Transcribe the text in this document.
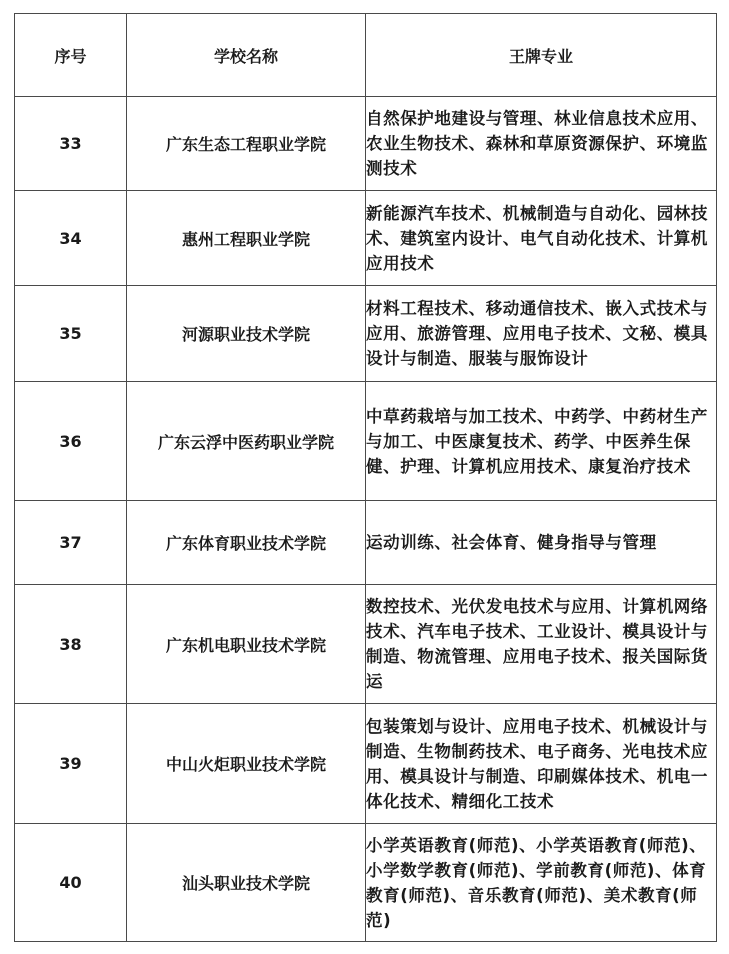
序号	学校名称	王牌专业
33	广东生态工程职业学院	自然保护地建设与管理、林业信息技术应用、农业生物技术、森林和草原资源保护、环境监测技术
34	惠州工程职业学院	新能源汽车技术、机械制造与自动化、园林技术、建筑室内设计、电气自动化技术、计算机应用技术
35	河源职业技术学院	材料工程技术、移动通信技术、嵌入式技术与应用、旅游管理、应用电子技术、文秘、模具设计与制造、服装与服饰设计
36	广东云浮中医药职业学院	中草药栽培与加工技术、中药学、中药材生产与加工、中医康复技术、药学、中医养生保健、护理、计算机应用技术、康复治疗技术
37	广东体育职业技术学院	运动训练、社会体育、健身指导与管理
38	广东机电职业技术学院	数控技术、光伏发电技术与应用、计算机网络技术、汽车电子技术、工业设计、模具设计与制造、物流管理、应用电子技术、报关国际货运
39	中山火炬职业技术学院	包装策划与设计、应用电子技术、机械设计与制造、生物制药技术、电子商务、光电技术应用、模具设计与制造、印刷媒体技术、机电一体化技术、精细化工技术
40	汕头职业技术学院	小学英语教育(师范)、小学英语教育(师范)、小学数学教育(师范)、学前教育(师范)、体育教育(师范)、音乐教育(师范)、美术教育(师范)
